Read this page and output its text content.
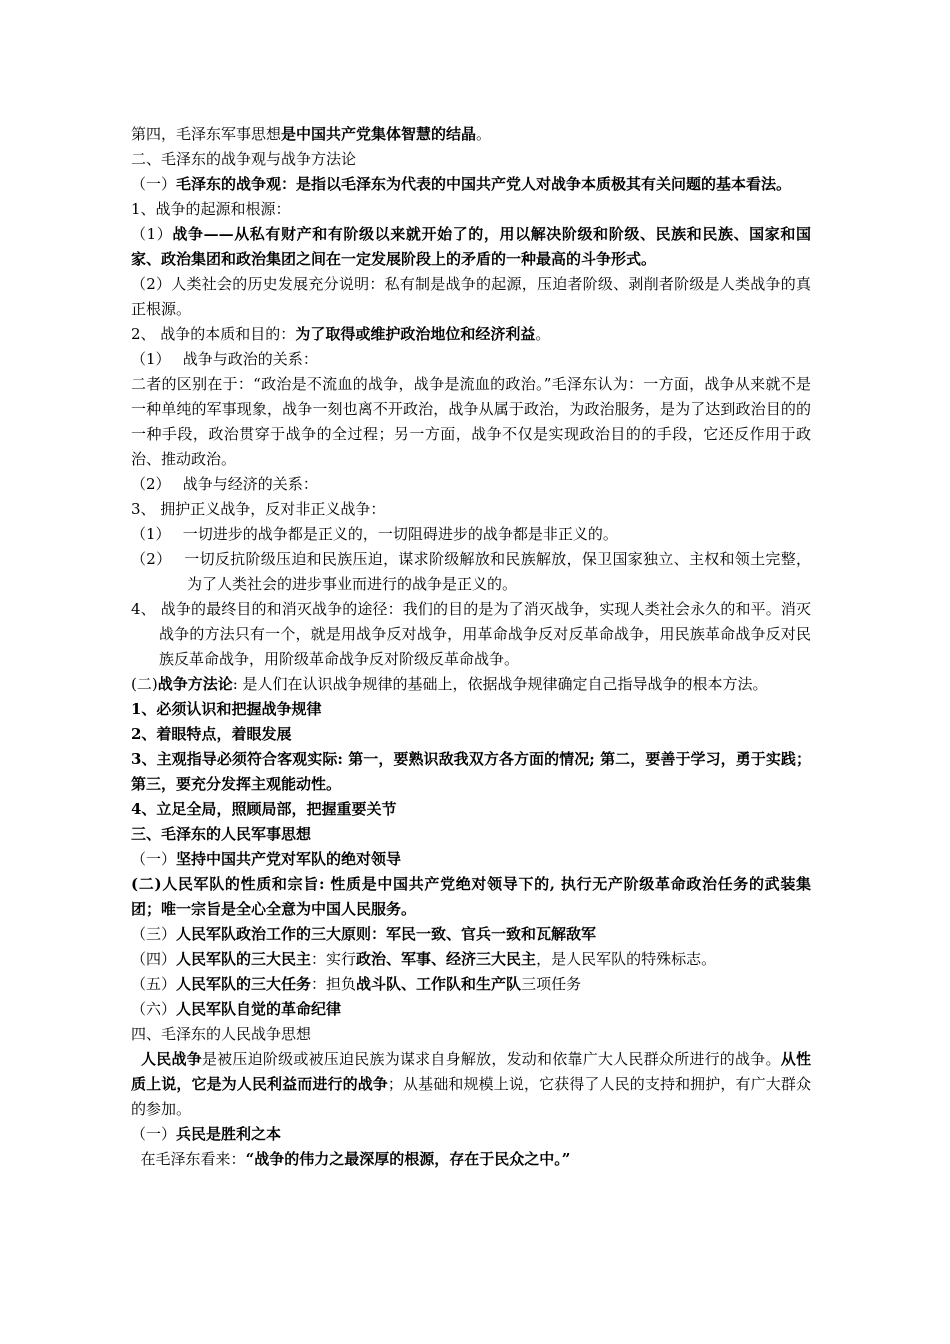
第四，毛泽东军事思想是中国共产党集体智慧的结晶。

二、毛泽东的战争观与战争方法论

（一）毛泽东的战争观：是指以毛泽东为代表的中国共产党人对战争本质极其有关问题的基本看法。

1、战争的起源和根源：

（1）战争——从私有财产和有阶级以来就开始了的，用以解决阶级和阶级、民族和民族、国家和国家、政治集团和政治集团之间在一定发展阶段上的矛盾的一种最高的斗争形式。

（2）人类社会的历史发展充分说明：私有制是战争的起源，压迫者阶级、剥削者阶级是人类战争的真正根源。

2、 战争的本质和目的：为了取得或维护政治地位和经济利益。

（1）　 战争与政治的关系：

二者的区别在于：“政治是不流血的战争，战争是流血的政治。”毛泽东认为：一方面，战争从来就不是一种单纯的军事现象，战争一刻也离不开政治，战争从属于政治，为政治服务，是为了达到政治目的的一种手段，政治贯穿于战争的全过程；另一方面，战争不仅是实现政治目的的手段，它还反作用于政治、推动政治。

（2）　 战争与经济的关系：

3、 拥护正义战争，反对非正义战争：

（1）　 一切进步的战争都是正义的，一切阻碍进步的战争都是非正义的。

（2）　 一切反抗阶级压迫和民族压迫，谋求阶级解放和民族解放，保卫国家独立、主权和领土完整，为了人类社会的进步事业而进行的战争是正义的。

4、 战争的最终目的和消灭战争的途径：我们的目的是为了消灭战争，实现人类社会永久的和平。消灭战争的方法只有一个，就是用战争反对战争，用革命战争反对反革命战争，用民族革命战争反对民族反革命战争，用阶级革命战争反对阶级反革命战争。

(二)战争方法论: 是人们在认识战争规律的基础上，依据战争规律确定自己指导战争的根本方法。

1、必须认识和把握战争规律

2、着眼特点，着眼发展

3、主观指导必须符合客观实际: 第一，要熟识敌我双方各方面的情况; 第二，要善于学习，勇于实践；第三，要充分发挥主观能动性。

4、立足全局，照顾局部，把握重要关节

三、毛泽东的人民军事思想

（一）坚持中国共产党对军队的绝对领导

(二)人民军队的性质和宗旨: 性质是中国共产党绝对领导下的, 执行无产阶级革命政治任务的武装集团；唯一宗旨是全心全意为中国人民服务。

（三）人民军队政治工作的三大原则：军民一致、官兵一致和瓦解敌军

（四）人民军队的三大民主：实行政治、军事、经济三大民主，是人民军队的特殊标志。

（五）人民军队的三大任务：担负战斗队、工作队和生产队三项任务

（六）人民军队自觉的革命纪律

四、毛泽东的人民战争思想

人民战争是被压迫阶级或被压迫民族为谋求自身解放，发动和依靠广大人民群众所进行的战争。从性质上说，它是为人民利益而进行的战争；从基础和规模上说，它获得了人民的支持和拥护，有广大群众的参加。

（一）兵民是胜利之本

在毛泽东看来：“战争的伟力之最深厚的根源，存在于民众之中。”
